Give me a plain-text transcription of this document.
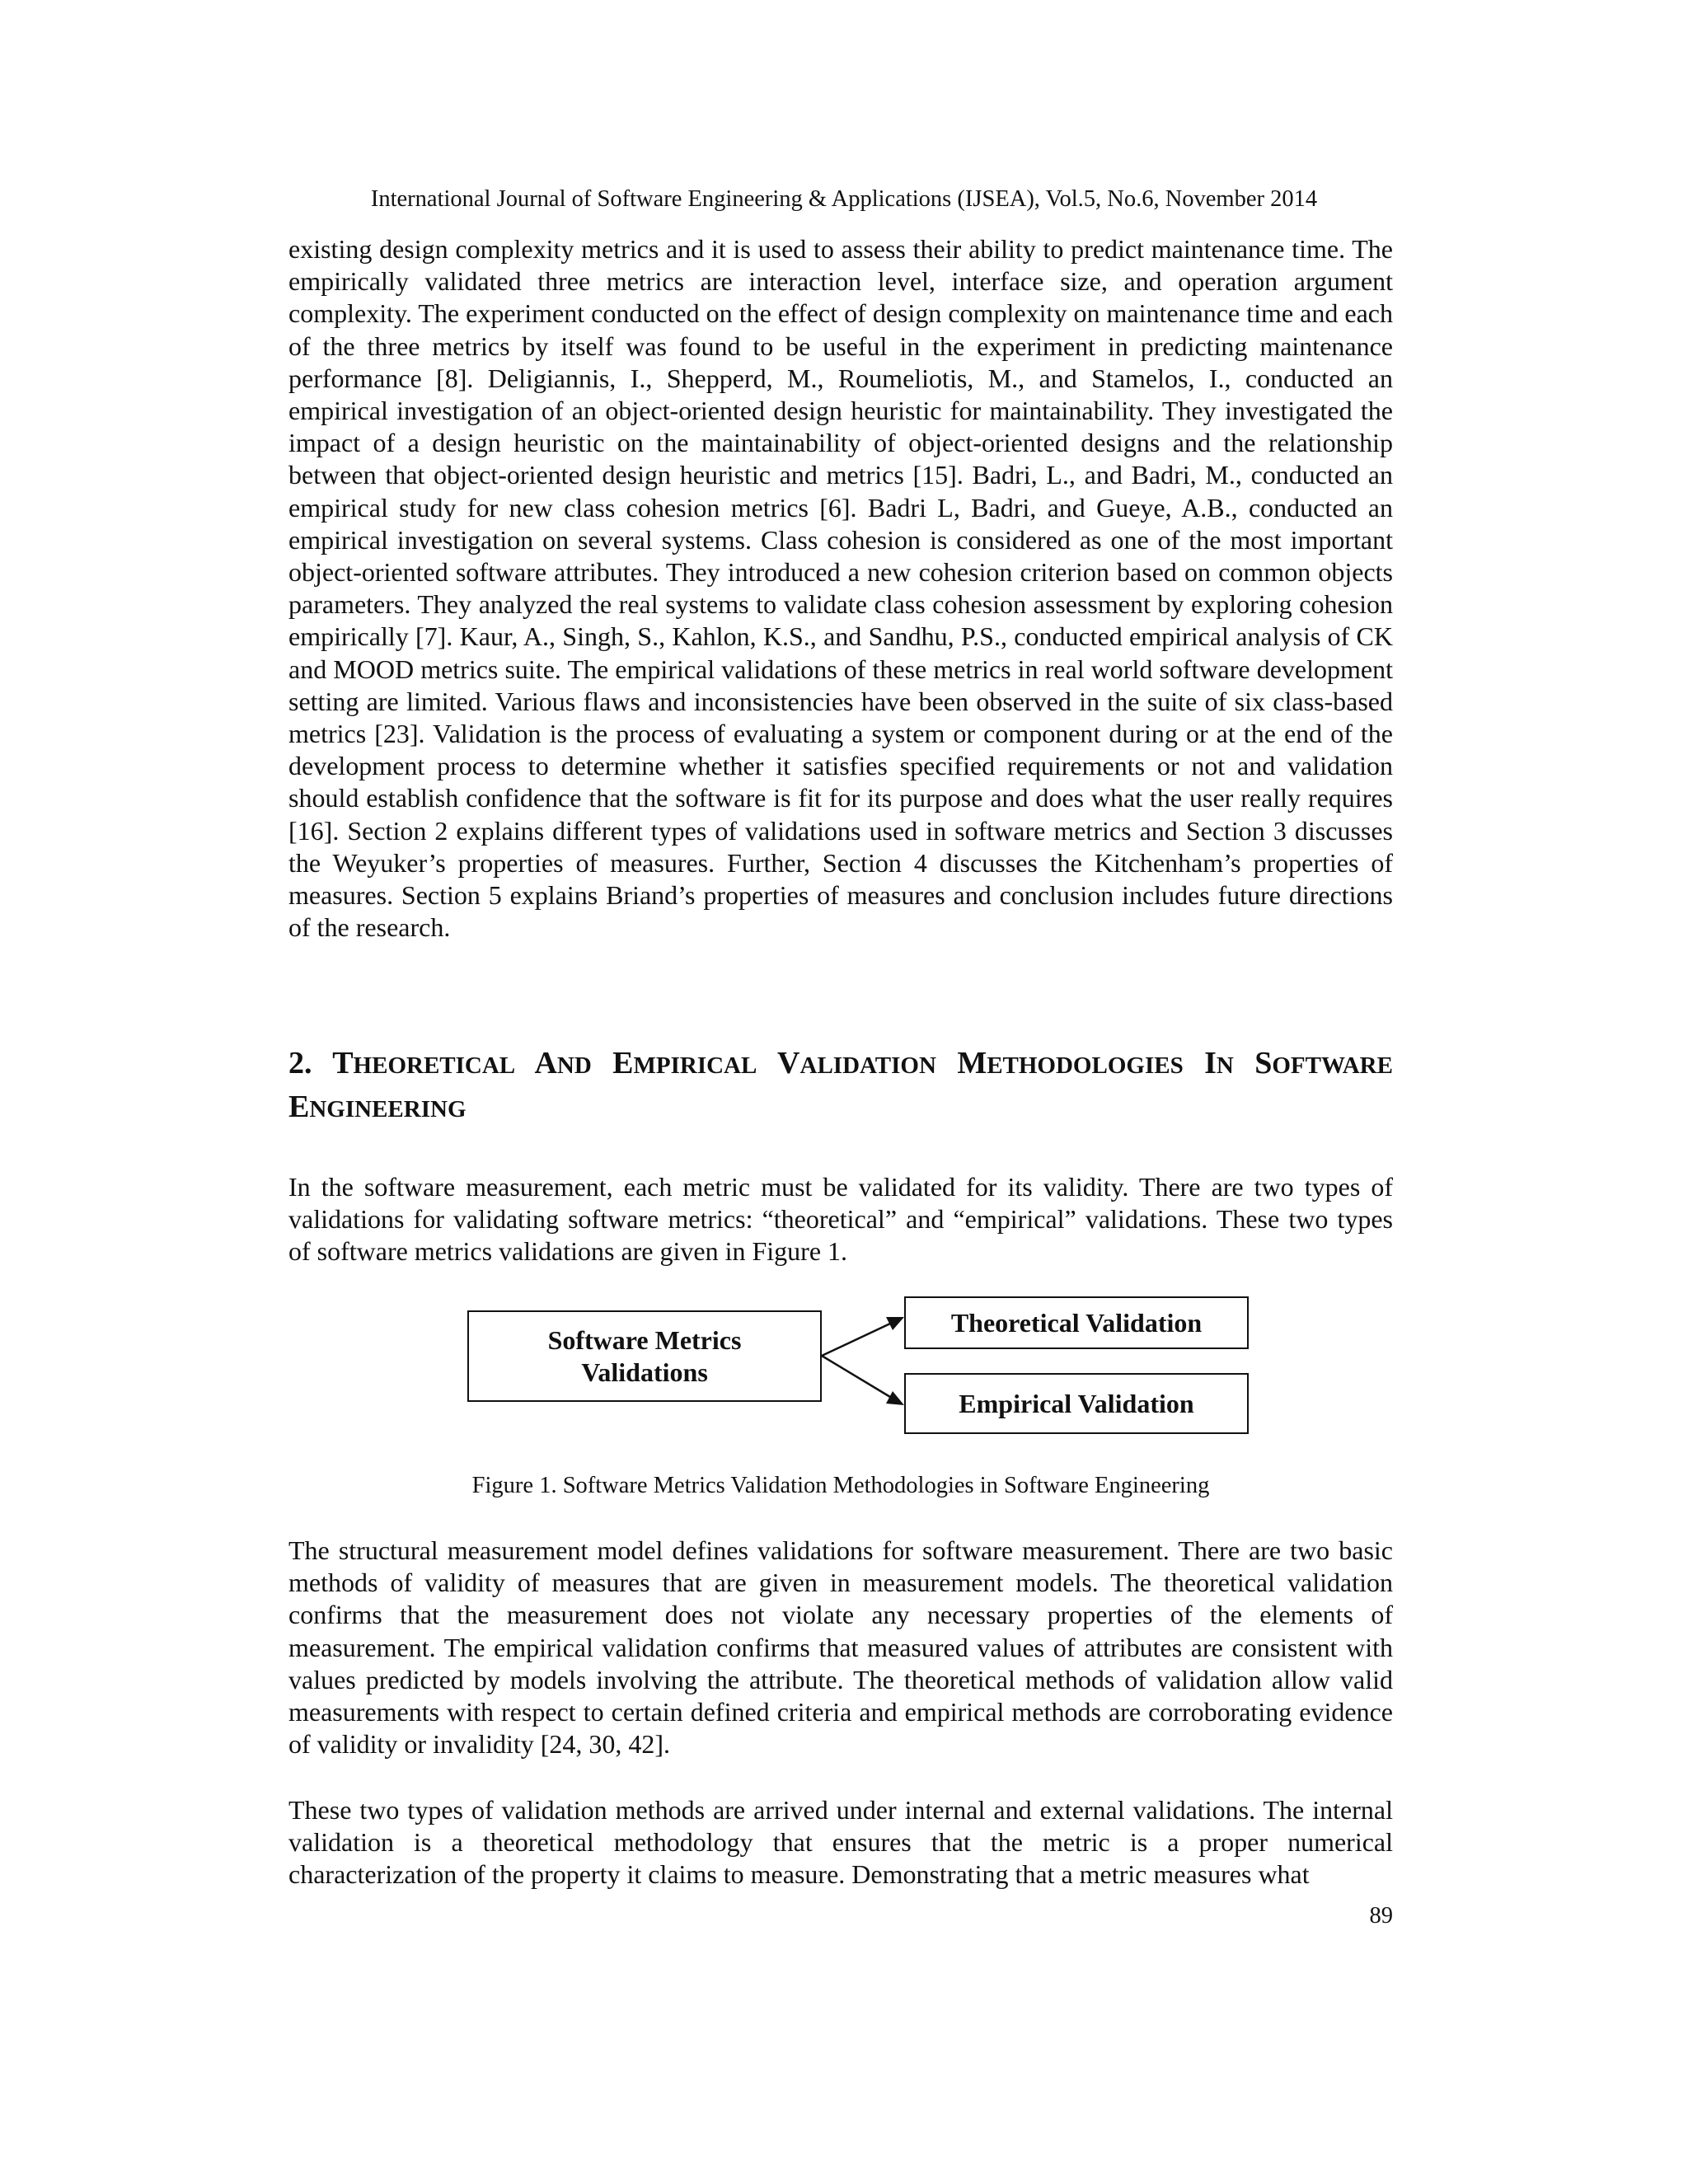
International Journal of Software Engineering & Applications (IJSEA), Vol.5, No.6, November 2014

existing design complexity metrics and it is used to assess their ability to predict maintenance time. The empirically validated three metrics are interaction level, interface size, and operation argument complexity. The experiment conducted on the effect of design complexity on maintenance time and each of the three metrics by itself was found to be useful in the experiment in predicting maintenance performance [8]. Deligiannis, I., Shepperd, M., Roumeliotis, M., and Stamelos, I., conducted an empirical investigation of an object-oriented design heuristic for maintainability. They investigated the impact of a design heuristic on the maintainability of object-oriented designs and the relationship between that object-oriented design heuristic and metrics [15]. Badri, L., and Badri, M., conducted an empirical study for new class cohesion metrics [6]. Badri L, Badri, and Gueye, A.B., conducted an empirical investigation on several systems. Class cohesion is considered as one of the most important object-oriented software attributes. They introduced a new cohesion criterion based on common objects parameters. They analyzed the real systems to validate class cohesion assessment by exploring cohesion empirically [7]. Kaur, A., Singh, S., Kahlon, K.S., and Sandhu, P.S., conducted empirical analysis of CK and MOOD metrics suite. The empirical validations of these metrics in real world software development setting are limited. Various flaws and inconsistencies have been observed in the suite of six class-based metrics [23]. Validation is the process of evaluating a system or component during or at the end of the development process to determine whether it satisfies specified requirements or not and validation should establish confidence that the software is fit for its purpose and does what the user really requires [16]. Section 2 explains different types of validations used in software metrics and Section 3 discusses the Weyuker’s properties of measures. Further, Section 4 discusses the Kitchenham’s properties of measures. Section 5 explains Briand’s properties of measures and conclusion includes future directions of the research.

2. THEORETICAL AND EMPIRICAL VALIDATION METHODOLOGIES IN SOFTWARE ENGINEERING

In the software measurement, each metric must be validated for its validity. There are two types of validations for validating software metrics: “theoretical” and “empirical” validations. These two types of software metrics validations are given in Figure 1.

Software Metrics
Validations
Theoretical Validation
Empirical Validation
Figure 1. Software Metrics Validation Methodologies in Software Engineering

The structural measurement model defines validations for software measurement. There are two basic methods of validity of measures that are given in measurement models. The theoretical validation confirms that the measurement does not violate any necessary properties of the elements of measurement. The empirical validation confirms that measured values of attributes are consistent with values predicted by models involving the attribute. The theoretical methods of validation allow valid measurements with respect to certain defined criteria and empirical methods are corroborating evidence of validity or invalidity [24, 30, 42].

These two types of validation methods are arrived under internal and external validations. The internal validation is a theoretical methodology that ensures that the metric is a proper numerical characterization of the property it claims to measure. Demonstrating that a metric measures what

89
